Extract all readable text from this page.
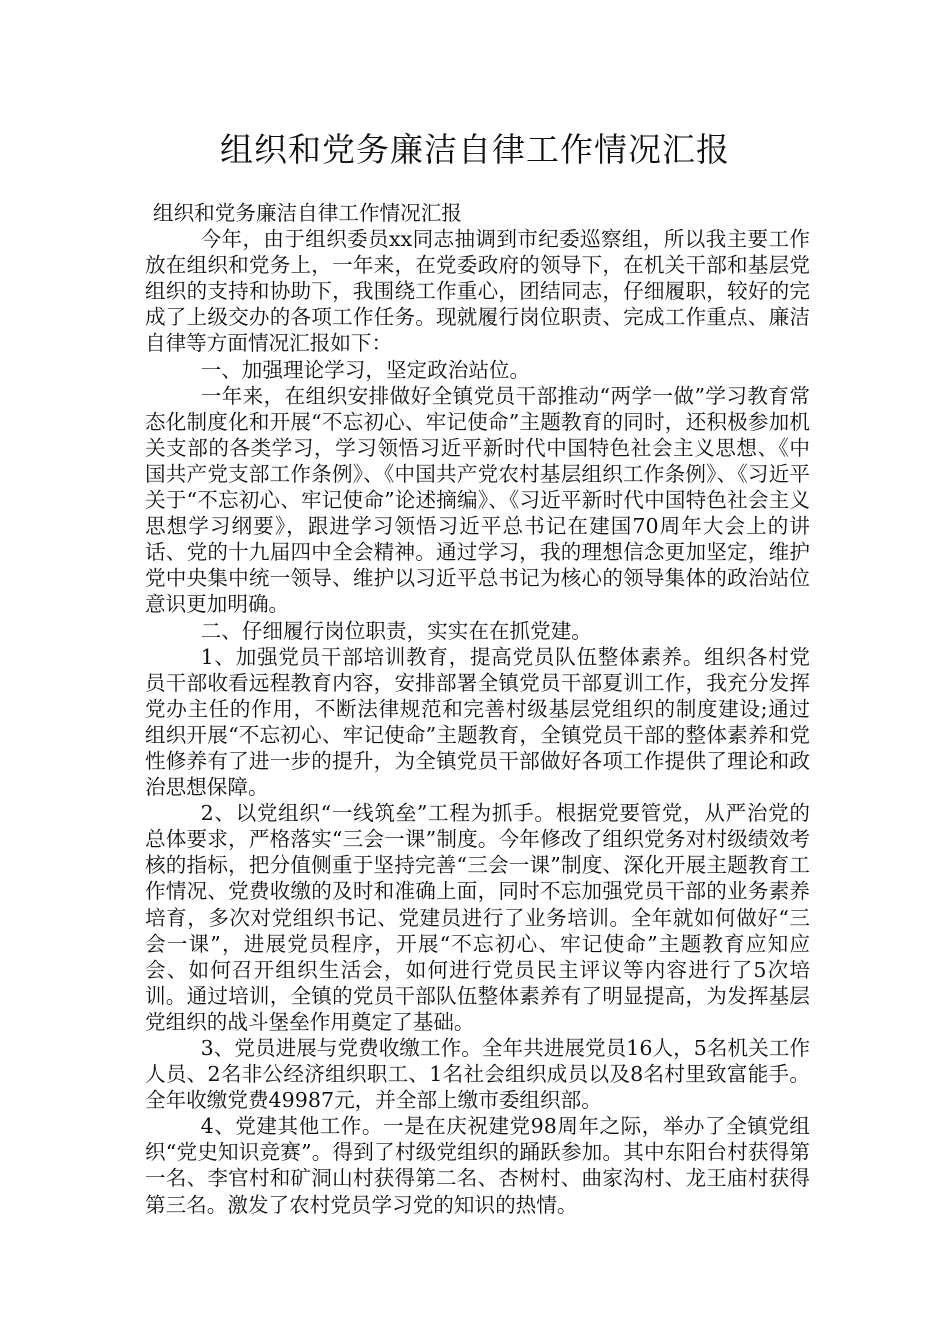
组织和党务廉洁自律工作情况汇报

组织和党务廉洁自律工作情况汇报

今年，由于组织委员xx同志抽调到市纪委巡察组，所以我主要工作放在组织和党务上，一年来，在党委政府的领导下，在机关干部和基层党组织的支持和协助下，我围绕工作重心，团结同志，仔细履职，较好的完成了上级交办的各项工作任务。现就履行岗位职责、完成工作重点、廉洁自律等方面情况汇报如下：

一、加强理论学习，坚定政治站位。

一年来，在组织安排做好全镇党员干部推动“两学一做”学习教育常态化制度化和开展“不忘初心、牢记使命”主题教育的同时，还积极参加机关支部的各类学习，学习领悟习近平新时代中国特色社会主义思想、《中国共产党支部工作条例》、《中国共产党农村基层组织工作条例》、《习近平关于“不忘初心、牢记使命”论述摘编》、《习近平新时代中国特色社会主义思想学习纲要》，跟进学习领悟习近平总书记在建国70周年大会上的讲话、党的十九届四中全会精神。通过学习，我的理想信念更加坚定，维护党中央集中统一领导、维护以习近平总书记为核心的领导集体的政治站位意识更加明确。

二、仔细履行岗位职责，实实在在抓党建。

1、加强党员干部培训教育，提高党员队伍整体素养。组织各村党员干部收看远程教育内容，安排部署全镇党员干部夏训工作，我充分发挥党办主任的作用，不断法律规范和完善村级基层党组织的制度建设;通过组织开展“不忘初心、牢记使命”主题教育，全镇党员干部的整体素养和党性修养有了进一步的提升，为全镇党员干部做好各项工作提供了理论和政治思想保障。

2、以党组织“一线筑垒”工程为抓手。根据党要管党，从严治党的总体要求，严格落实“三会一课”制度。今年修改了组织党务对村级绩效考核的指标，把分值侧重于坚持完善“三会一课”制度、深化开展主题教育工作情况、党费收缴的及时和准确上面，同时不忘加强党员干部的业务素养培育，多次对党组织书记、党建员进行了业务培训。全年就如何做好“三会一课”，进展党员程序，开展“不忘初心、牢记使命”主题教育应知应会、如何召开组织生活会，如何进行党员民主评议等内容进行了5次培训。通过培训，全镇的党员干部队伍整体素养有了明显提高，为发挥基层党组织的战斗堡垒作用奠定了基础。

3、党员进展与党费收缴工作。全年共进展党员16人，5名机关工作人员、2名非公经济组织职工、1名社会组织成员以及8名村里致富能手。全年收缴党费49987元，并全部上缴市委组织部。

4、党建其他工作。一是在庆祝建党98周年之际，举办了全镇党组织“党史知识竞赛”。得到了村级党组织的踊跃参加。其中东阳台村获得第一名、李官村和矿洞山村获得第二名、杏树村、曲家沟村、龙王庙村获得第三名。激发了农村党员学习党的知识的热情。
